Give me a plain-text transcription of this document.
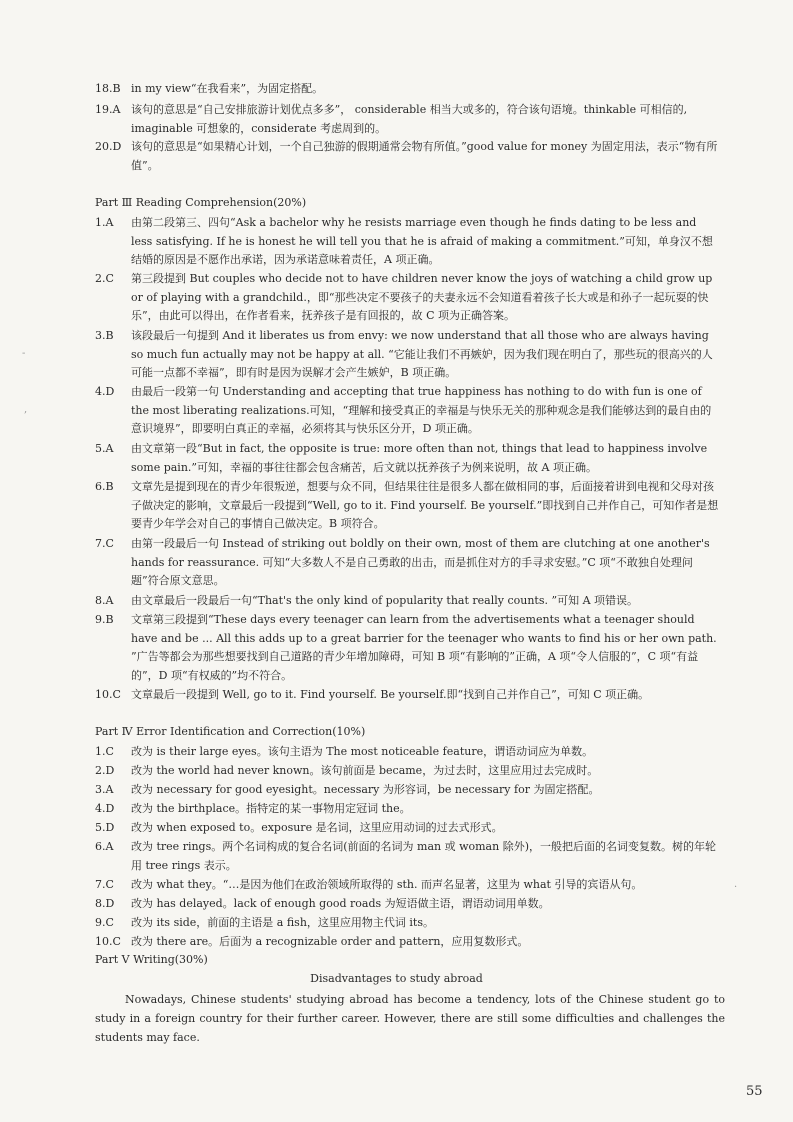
18.B in my view“在我看来”，为固定搭配。
19.A 该句的意思是“自己安排旅游计划优点多多”， considerable 相当大或多的，符合该句语境。thinkable 可相信的, imaginable 可想象的，considerate 考虑周到的。
20.D 该句的意思是“如果精心计划，一个自己独游的假期通常会物有所值。”good value for money 为固定用法，表示“物有所值”。
Part Ⅲ Reading Comprehension(20%)
1.A 由第二段第三、四句“Ask a bachelor why he resists marriage even though he finds dating to be less and less satisfying. If he is honest he will tell you that he is afraid of making a commitment.”可知，单身汉不想结婚的原因是不愿作出承诺，因为承诺意味着责任，A 项正确。
2.C 第三段提到 But couples who decide not to have children never know the joys of watching a child grow up or of playing with a grandchild.，即“那些决定不要孩子的夫妻永远不会知道看着孩子长大或是和孙子一起玩耍的快乐”，由此可以得出，在作者看来，抚养孩子是有回报的，故 C 项为正确答案。
3.B 该段最后一句提到 And it liberates us from envy: we now understand that all those who are always having so much fun actually may not be happy at all. “它能让我们不再嫉妒，因为我们现在明白了，那些玩的很高兴的人可能一点都不幸福”，即有时是因为误解才会产生嫉妒，B 项正确。
4.D 由最后一段第一句 Understanding and accepting that true happiness has nothing to do with fun is one of the most liberating realizations.可知，“理解和接受真正的幸福是与快乐无关的那种观念是我们能够达到的最自由的意识境界”，即要明白真正的幸福，必须将其与快乐区分开，D 项正确。
5.A 由文章第一段“But in fact, the opposite is true: more often than not, things that lead to happiness involve some pain.”可知，幸福的事往往都会包含痛苦，后文就以抚养孩子为例来说明，故 A 项正确。
6.B 文章先是提到现在的青少年很叛逆，想要与众不同，但结果往往是很多人都在做相同的事，后面接着讲到电视和父母对孩子做决定的影响，文章最后一段提到“Well, go to it. Find yourself. Be yourself.”即找到自己并作自己，可知作者是想要青少年学会对自己的事情自己做决定。B 项符合。
7.C 由第一段最后一句 Instead of striking out boldly on their own, most of them are clutching at one another's hands for reassurance. 可知“大多数人不是自己勇敢的出击，而是抓住对方的手寻求安慰。”C 项“不敢独自处理问题”符合原文意思。
8.A 由文章最后一段最后一句“That's the only kind of popularity that really counts. ”可知 A 项错误。
9.B 文章第三段提到“These days every teenager can learn from the advertisements what a teenager should have and be ... All this adds up to a great barrier for the teenager who wants to find his or her own path. ”广告等都会为那些想要找到自己道路的青少年增加障碍，可知 B 项“有影响的”正确，A 项“令人信服的”，C 项“有益的”，D 项“有权威的”均不符合。
10.C 文章最后一段提到 Well, go to it. Find yourself. Be yourself.即“找到自己并作自己”，可知 C 项正确。
Part Ⅳ Error Identification and Correction(10%)
1.C 改为 is their large eyes。该句主语为 The most noticeable feature，谓语动词应为单数。
2.D 改为 the world had never known。该句前面是 became，为过去时，这里应用过去完成时。
3.A 改为 necessary for good eyesight。necessary 为形容词，be necessary for 为固定搭配。
4.D 改为 the birthplace。指特定的某一事物用定冠词 the。
5.D 改为 when exposed to。exposure 是名词，这里应用动词的过去式形式。
6.A 改为 tree rings。两个名词构成的复合名词(前面的名词为 man 或 woman 除外)，一般把后面的名词变复数。树的年轮用 tree rings 表示。
7.C 改为 what they。“…是因为他们在政治领域所取得的 sth. 而声名显著，这里为 what 引导的宾语从句。
8.D 改为 has delayed。lack of enough good roads 为短语做主语，谓语动词用单数。
9.C 改为 its side，前面的主语是 a fish，这里应用物主代词 its。
10.C 改为 there are。后面为 a recognizable order and pattern，应用复数形式。
Part V Writing(30%)
Disadvantages to study abroad
Nowadays, Chinese students' studying abroad has become a tendency, lots of the Chinese student go to study in a foreign country for their further career. However, there are still some difficulties and challenges the students may face.
55
-
,
·
